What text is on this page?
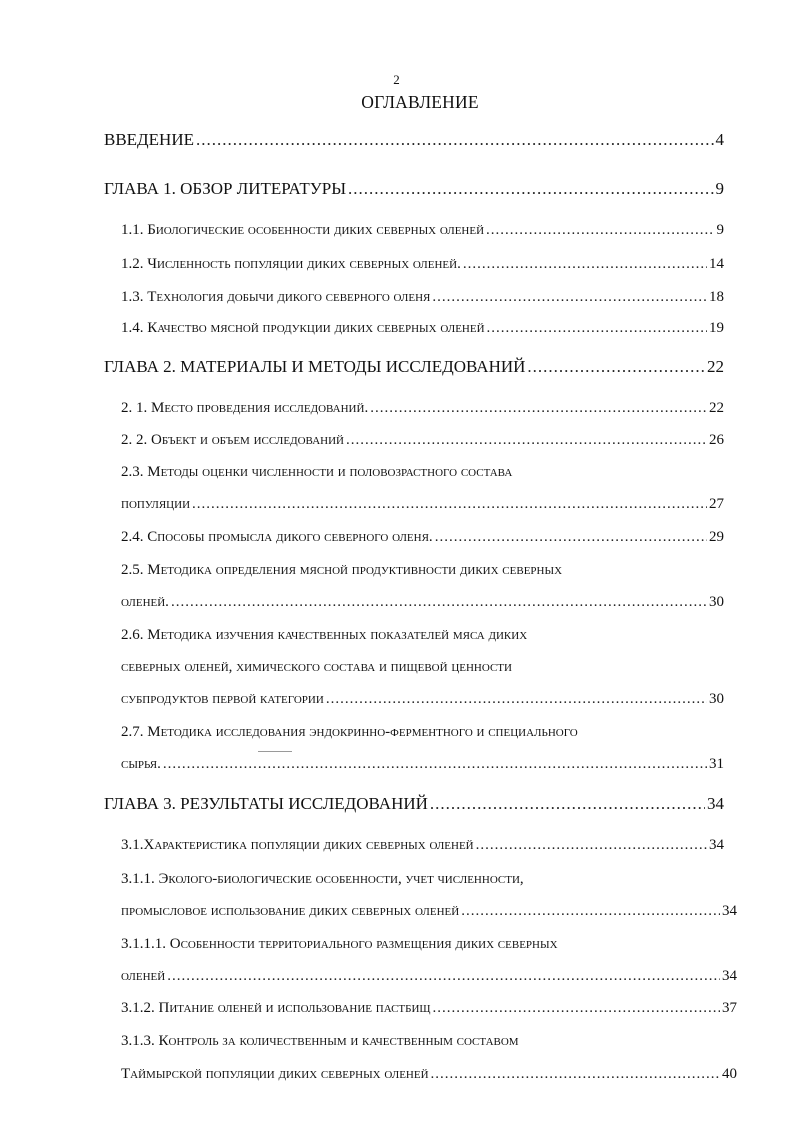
2
ОГЛАВЛЕНИЕ
ВВЕДЕНИЕ .....	4
ГЛАВА 1. ОБЗОР ЛИТЕРАТУРЫ .....	9
1.1. Биологические особенности диких северных оленей .....	9
1.2. Численность популяции диких северных оленей. .....	14
1.3. Технология добычи дикого северного оленя .....	18
1.4. Качество мясной продукции диких северных оленей .....	19
ГЛАВА 2. МАТЕРИАЛЫ И МЕТОДЫ ИССЛЕДОВАНИЙ .....	22
2. 1. Место проведения исследований. .....	22
2. 2. Объект и объем исследований .....	26
2.3. Методы оценки численности и половозрастного состава
популяции .....	27
2.4. Способы промысла дикого северного оленя. .....	29
2.5. Методика определения мясной продуктивности диких северных
оленей. .....	30
2.6. Методика изучения качественных показателей мяса диких
северных оленей, химического состава и пищевой ценности
субпродуктов первой категории .....	30
2.7. Методика исследования эндокринно-ферментного и специального
сырья. .....	31
ГЛАВА 3. РЕЗУЛЬТАТЫ ИССЛЕДОВАНИЙ .....	34
3.1.Характеристика популяции диких северных оленей .....	34
3.1.1. Эколого-биологические особенности, учет численности,
промысловое использование диких северных оленей .....	34
3.1.1.1. Особенности территориального размещения диких северных
оленей .....	34
3.1.2. Питание оленей и использование пастбищ .....	37
3.1.3. Контроль за количественным и качественным составом
Таймырской популяции диких северных оленей .....	40
